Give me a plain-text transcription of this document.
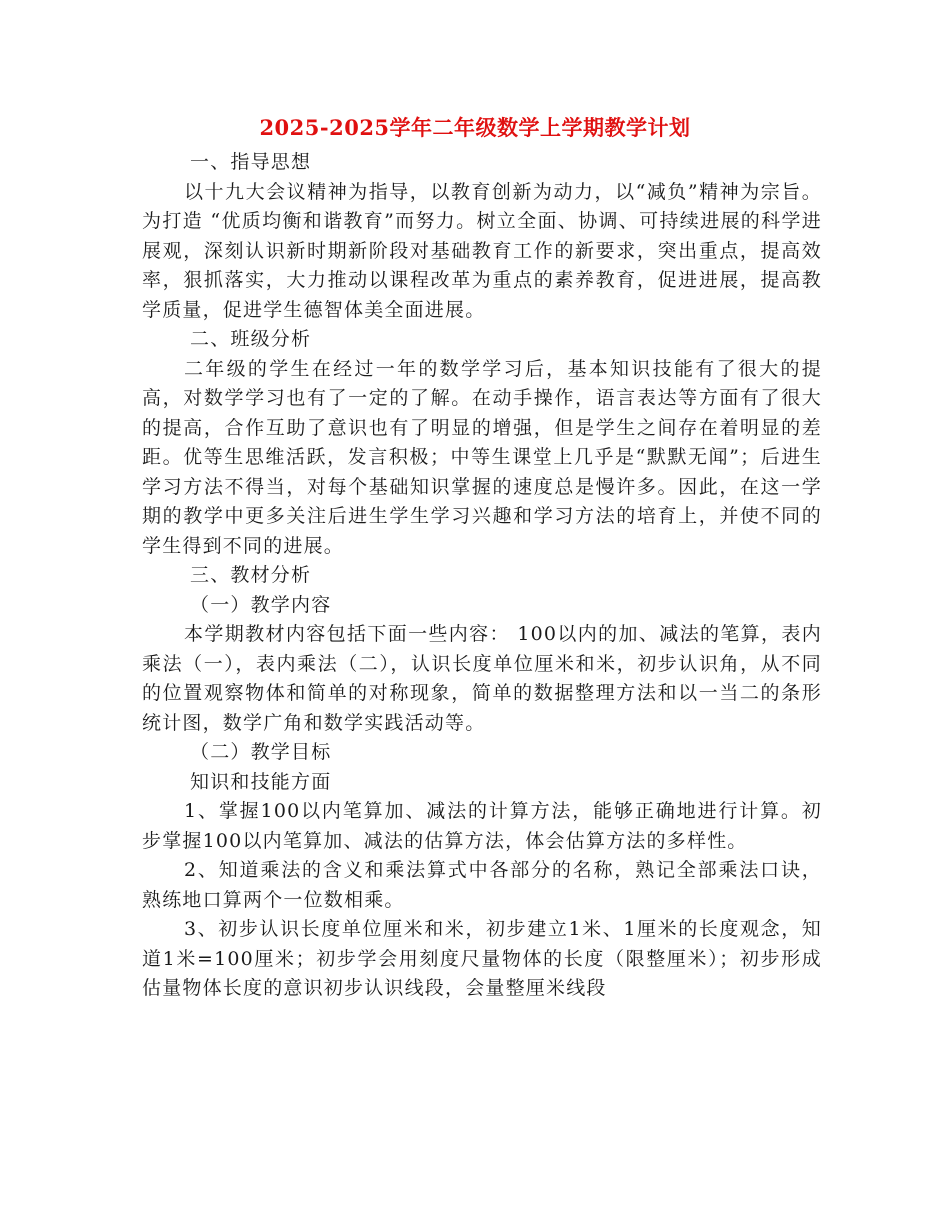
2025-2025学年二年级数学上学期教学计划

一、指导思想

以十九大会议精神为指导，以教育创新为动力，以“减负”精神为宗旨。为打造 “优质均衡和谐教育”而努力。树立全面、协调、可持续进展的科学进展观，深刻认识新时期新阶段对基础教育工作的新要求，突出重点，提高效率，狠抓落实，大力推动以课程改革为重点的素养教育，促进进展，提高教学质量，促进学生德智体美全面进展。

二、班级分析

二年级的学生在经过一年的数学学习后，基本知识技能有了很大的提高，对数学学习也有了一定的了解。在动手操作，语言表达等方面有了很大的提高，合作互助了意识也有了明显的增强，但是学生之间存在着明显的差距。优等生思维活跃，发言积极；中等生课堂上几乎是“默默无闻”；后进生学习方法不得当，对每个基础知识掌握的速度总是慢许多。因此，在这一学期的教学中更多关注后进生学生学习兴趣和学习方法的培育上，并使不同的学生得到不同的进展。

三、教材分析

（一）教学内容

本学期教材内容包括下面一些内容： 100以内的加、减法的笔算，表内乘法（一），表内乘法（二），认识长度单位厘米和米，初步认识角，从不同的位置观察物体和简单的对称现象，简单的数据整理方法和以一当二的条形统计图，数学广角和数学实践活动等。

（二）教学目标

知识和技能方面

1、掌握100以内笔算加、减法的计算方法，能够正确地进行计算。初步掌握100以内笔算加、减法的估算方法，体会估算方法的多样性。

2、知道乘法的含义和乘法算式中各部分的名称，熟记全部乘法口诀，熟练地口算两个一位数相乘。

3、初步认识长度单位厘米和米，初步建立1米、1厘米的长度观念，知道1米=100厘米；初步学会用刻度尺量物体的长度（限整厘米）；初步形成估量物体长度的意识初步认识线段，会量整厘米线段
